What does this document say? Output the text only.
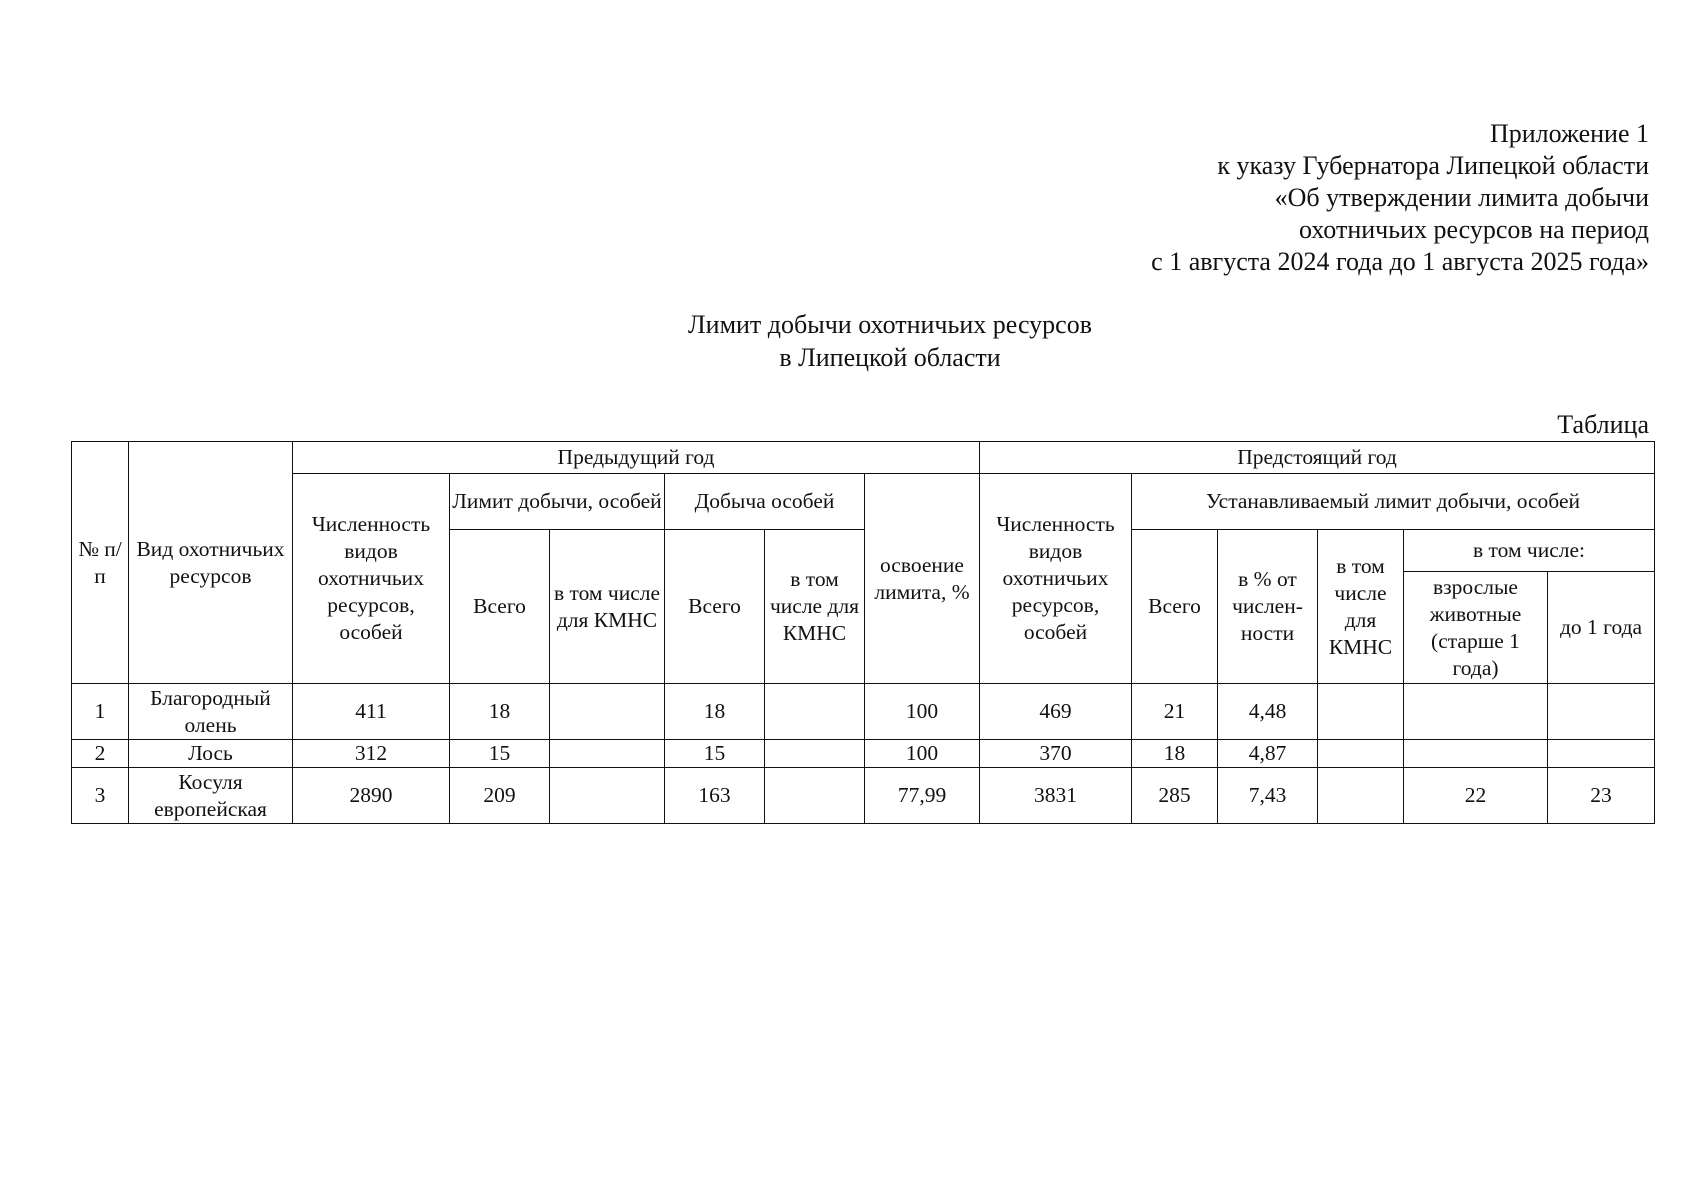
Приложение 1
к указу Губернатора Липецкой области
«Об утверждении лимита добычи
охотничьих ресурсов на период
с 1 августа 2024 года до 1 августа 2025 года»
Лимит добычи охотничьих ресурсов
в Липецкой области
Таблица
№ п/п	Вид охотничьих ресурсов	Предыдущий год						Предстоящий год					
		Численность видов охотничьих ресурсов, особей	Лимит добычи, особей		Добыча особей		освоение лимита, %	Численность видов охотничьих ресурсов, особей	Устанавливаемый лимит добычи, особей				
			Всего	в том числе для КМНС	Всего	в том числе для КМНС			Всего	в % от числен-ности	в том числе для КМНС	в том числе:	
												взрослые животные (старше 1 года)	до 1 года
1	Благородный олень	411	18		18		100	469	21	4,48			
2	Лось	312	15		15		100	370	18	4,87			
3	Косуля европейская	2890	209		163		77,99	3831	285	7,43		22	23
